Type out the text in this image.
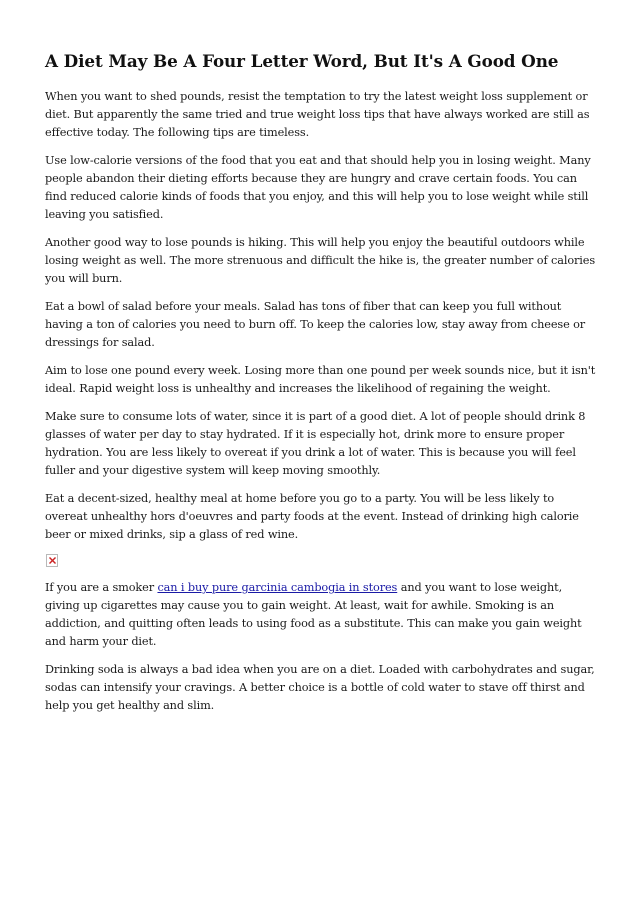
A Diet May Be A Four Letter Word, But It's A Good One

When you want to shed pounds, resist the temptation to try the latest weight loss supplement or diet. But apparently the same tried and true weight loss tips that have always worked are still as effective today. The following tips are timeless.

Use low-calorie versions of the food that you eat and that should help you in losing weight. Many people abandon their dieting efforts because they are hungry and crave certain foods. You can find reduced calorie kinds of foods that you enjoy, and this will help you to lose weight while still leaving you satisfied.

Another good way to lose pounds is hiking. This will help you enjoy the beautiful outdoors while losing weight as well. The more strenuous and difficult the hike is, the greater number of calories you will burn.

Eat a bowl of salad before your meals. Salad has tons of fiber that can keep you full without having a ton of calories you need to burn off. To keep the calories low, stay away from cheese or dressings for salad.

Aim to lose one pound every week. Losing more than one pound per week sounds nice, but it isn't ideal. Rapid weight loss is unhealthy and increases the likelihood of regaining the weight.

Make sure to consume lots of water, since it is part of a good diet. A lot of people should drink 8 glasses of water per day to stay hydrated. If it is especially hot, drink more to ensure proper hydration. You are less likely to overeat if you drink a lot of water. This is because you will feel fuller and your digestive system will keep moving smoothly.

Eat a decent-sized, healthy meal at home before you go to a party. You will be less likely to overeat unhealthy hors d'oeuvres and party foods at the event. Instead of drinking high calorie beer or mixed drinks, sip a glass of red wine.

If you are a smoker can i buy pure garcinia cambogia in stores and you want to lose weight, giving up cigarettes may cause you to gain weight. At least, wait for awhile. Smoking is an addiction, and quitting often leads to using food as a substitute. This can make you gain weight and harm your diet.

Drinking soda is always a bad idea when you are on a diet. Loaded with carbohydrates and sugar, sodas can intensify your cravings. A better choice is a bottle of cold water to stave off thirst and help you get healthy and slim.
